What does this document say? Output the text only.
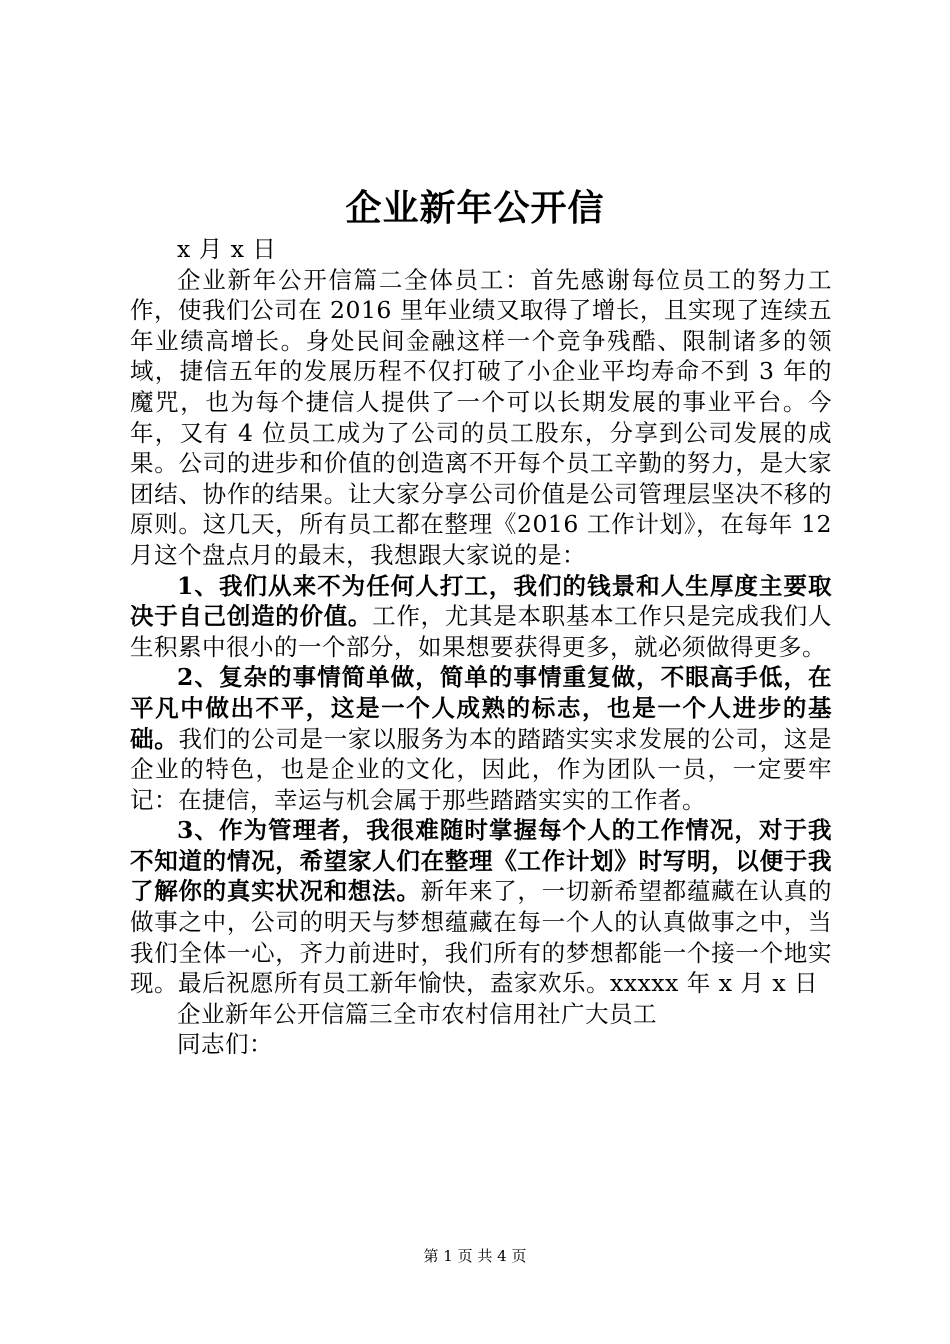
企业新年公开信

x 月 x 日

企业新年公开信篇二全体员工：首先感谢每位员工的努力工作，使我们公司在 2016 里年业绩又取得了增长，且实现了连续五年业绩高增长。身处民间金融这样一个竞争残酷、限制诸多的领域，捷信五年的发展历程不仅打破了小企业平均寿命不到 3 年的魔咒，也为每个捷信人提供了一个可以长期发展的事业平台。今年，又有 4 位员工成为了公司的员工股东，分享到公司发展的成果。公司的进步和价值的创造离不开每个员工辛勤的努力，是大家团结、协作的结果。让大家分享公司价值是公司管理层坚决不移的原则。这几天，所有员工都在整理《2016 工作计划》，在每年 12 月这个盘点月的最末，我想跟大家说的是：

1、我们从来不为任何人打工，我们的钱景和人生厚度主要取决于自己创造的价值。工作，尤其是本职基本工作只是完成我们人生积累中很小的一个部分，如果想要获得更多，就必须做得更多。

2、复杂的事情简单做，简单的事情重复做，不眼高手低，在平凡中做出不平，这是一个人成熟的标志，也是一个人进步的基础。我们的公司是一家以服务为本的踏踏实实求发展的公司，这是企业的特色，也是企业的文化，因此，作为团队一员，一定要牢记：在捷信，幸运与机会属于那些踏踏实实的工作者。

3、作为管理者，我很难随时掌握每个人的工作情况，对于我不知道的情况，希望家人们在整理《工作计划》时写明，以便于我了解你的真实状况和想法。新年来了，一切新希望都蕴藏在认真的做事之中，公司的明天与梦想蕴藏在每一个人的认真做事之中，当我们全体一心，齐力前进时，我们所有的梦想都能一个接一个地实现。最后祝愿所有员工新年愉快，盍家欢乐。xxxxx 年 x 月 x 日

企业新年公开信篇三全市农村信用社广大员工

同志们：

第 1 页 共 4 页
